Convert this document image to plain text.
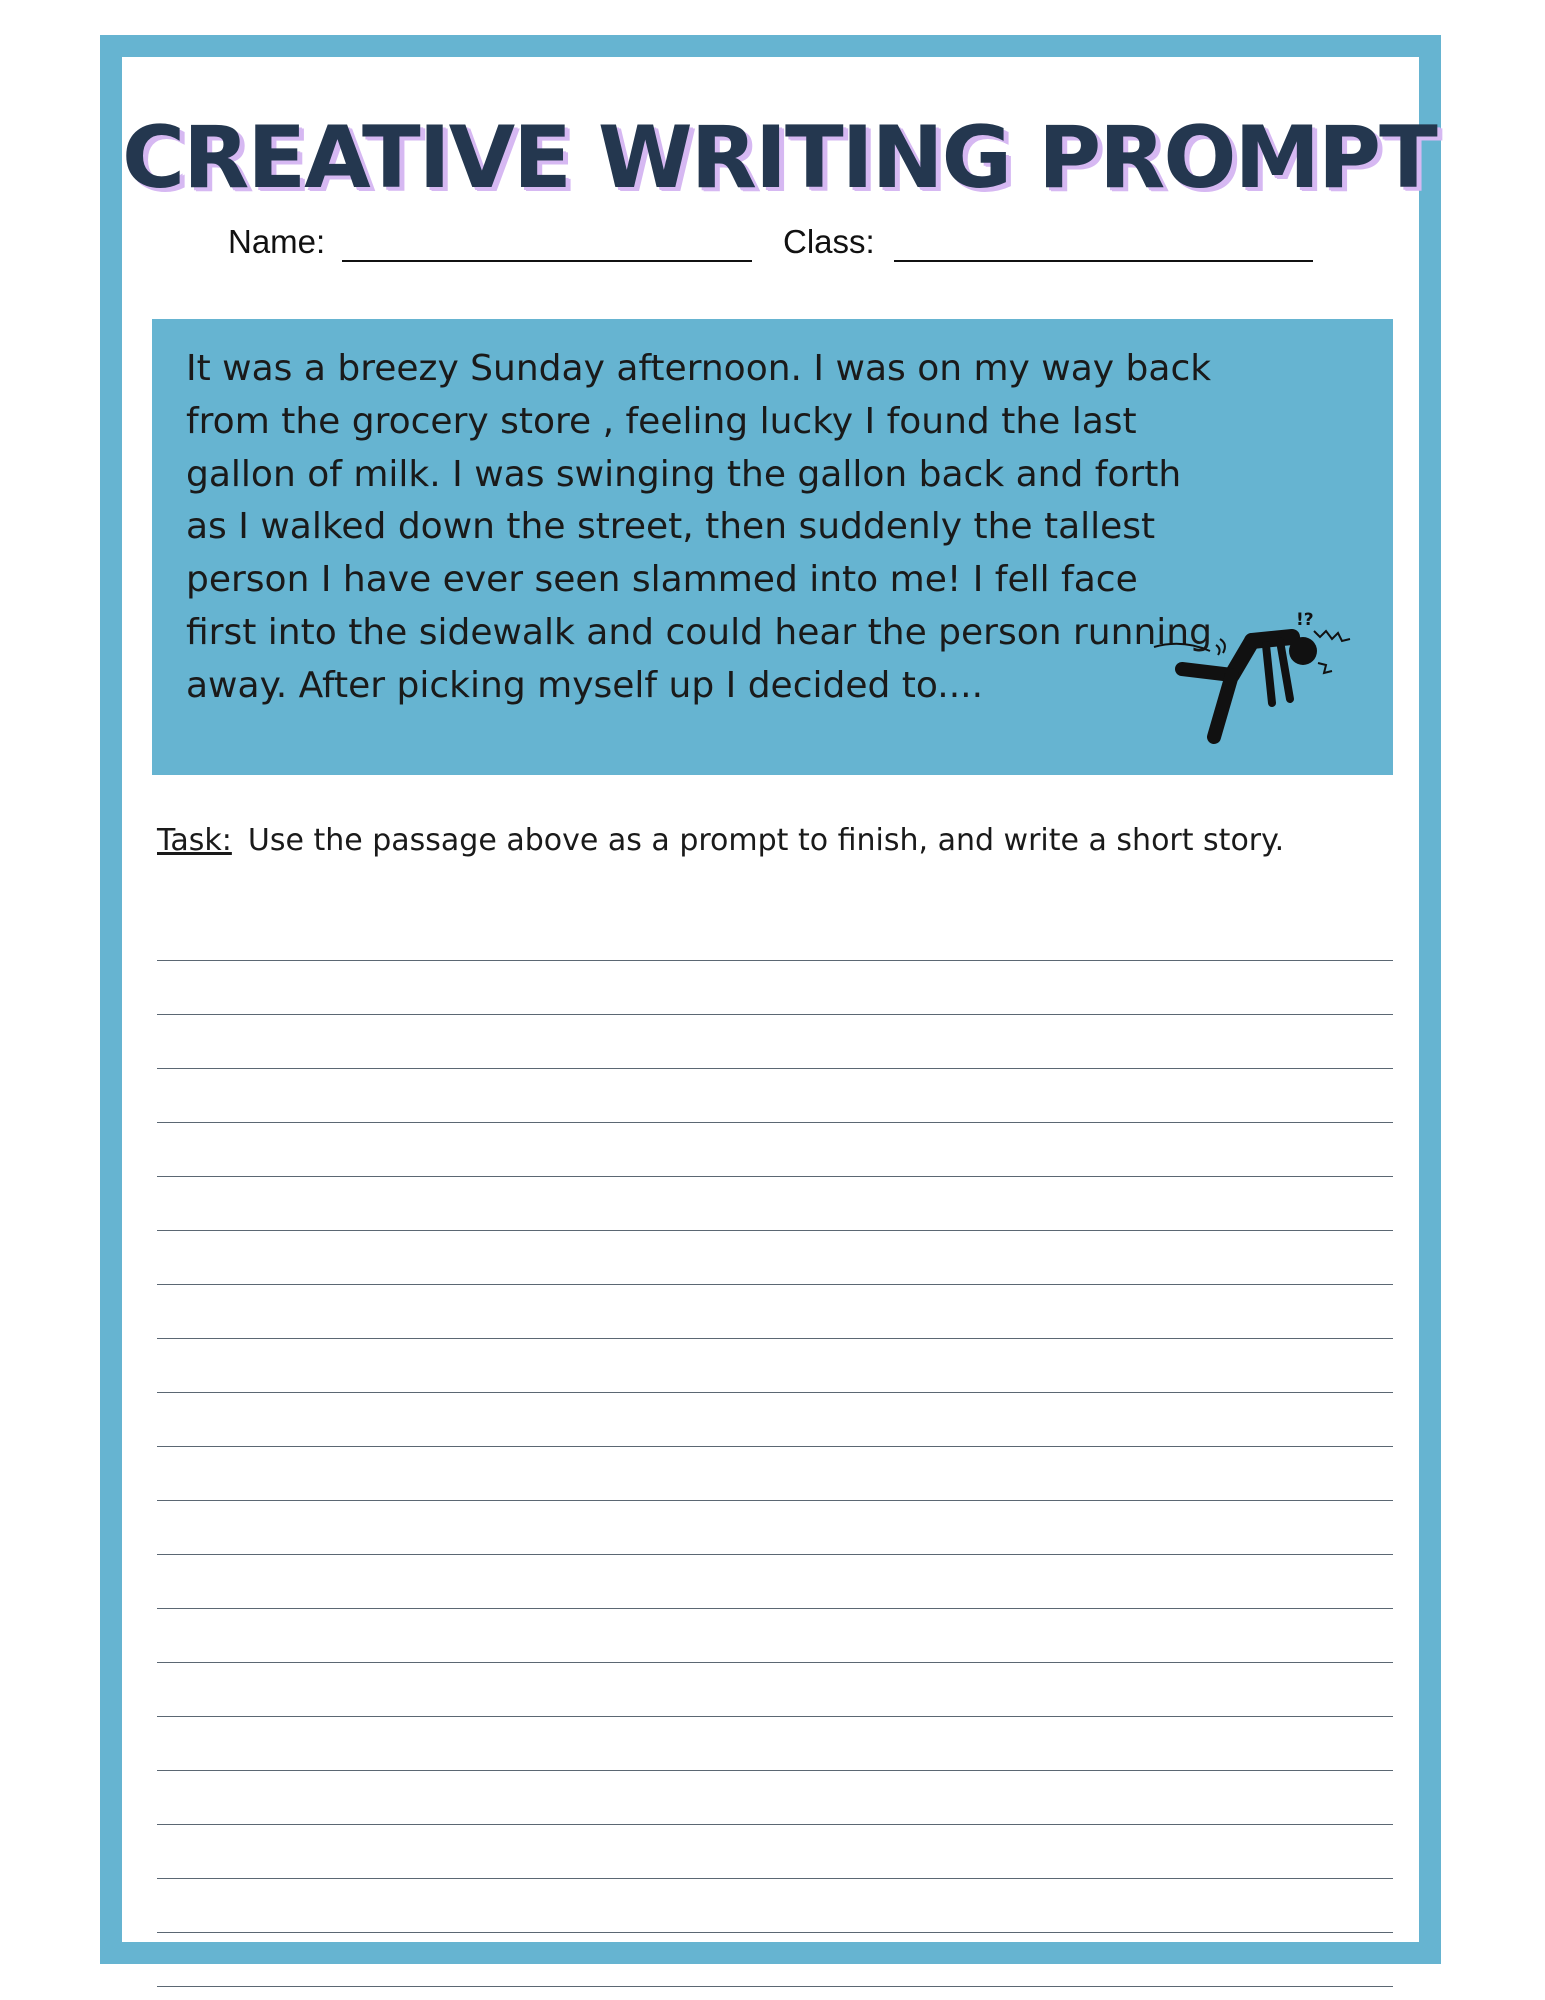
CREATIVE WRITING PROMPT
Name:	Class:

It was a breezy Sunday afternoon. I was on my way back from the grocery store , feeling lucky I found the last gallon of milk. I was swinging the gallon back and forth as I walked down the street, then suddenly the tallest person I have ever seen slammed into me! I fell face first into the sidewalk and could hear the person running away. After picking myself up I decided to....

!?
Task: Use the passage above as a prompt to finish, and write a short story.
